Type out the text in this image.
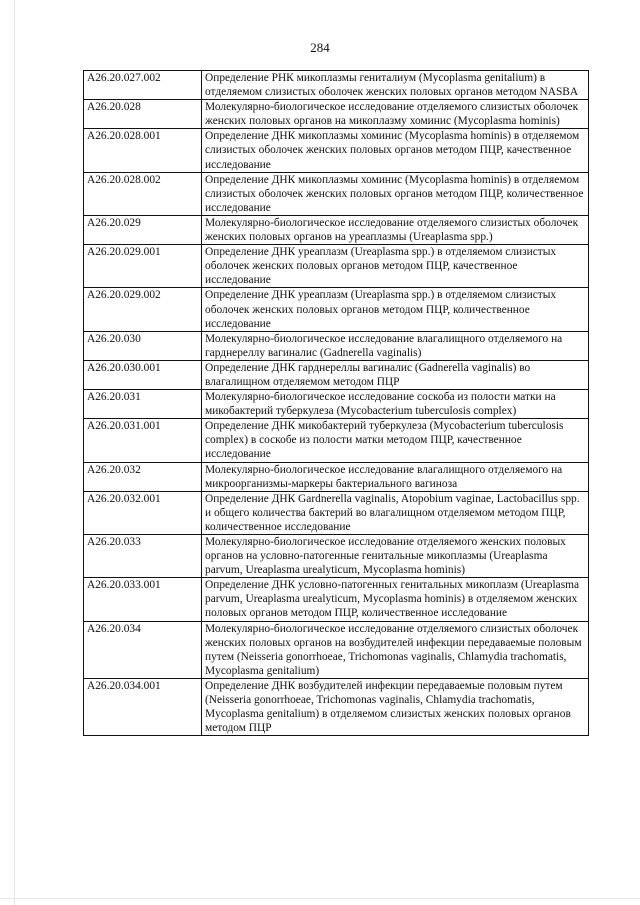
284
A26.20.027.002	Определение РНК микоплазмы гениталиум (Mycoplasma genitalium) в отделяемом слизистых оболочек женских половых органов методом NASBA
A26.20.028	Молекулярно-биологическое исследование отделяемого слизистых оболочек женских половых органов на микоплазму хоминис (Mycoplasma hominis)
A26.20.028.001	Определение ДНК микоплазмы хоминис (Mycoplasma hominis) в отделяемом слизистых оболочек женских половых органов методом ПЦР, качественное исследование
A26.20.028.002	Определение ДНК микоплазмы хоминис (Mycoplasma hominis) в отделяемом слизистых оболочек женских половых органов методом ПЦР, количественное исследование
A26.20.029	Молекулярно-биологическое исследование отделяемого слизистых оболочек женских половых органов на уреаплазмы (Ureaplasma spp.)
A26.20.029.001	Определение ДНК уреаплазм (Ureaplasma spp.) в отделяемом слизистых оболочек женских половых органов методом ПЦР, качественное исследование
A26.20.029.002	Определение ДНК уреаплазм (Ureaplasma spp.) в отделяемом слизистых оболочек женских половых органов методом ПЦР, количественное исследование
A26.20.030	Молекулярно-биологическое исследование влагалищного отделяемого на гарднереллу вагиналис (Gadnerella vaginalis)
A26.20.030.001	Определение ДНК гарднереллы вагиналис (Gadnerella vaginalis) во влагалищном отделяемом методом ПЦР
A26.20.031	Молекулярно-биологическое исследование соскоба из полости матки на микобактерий туберкулеза (Mycobacterium tuberculosis complex)
A26.20.031.001	Определение ДНК микобактерий туберкулеза (Mycobacterium tuberculosis complex) в соскобе из полости матки методом ПЦР, качественное исследование
A26.20.032	Молекулярно-биологическое исследование влагалищного отделяемого на микроорганизмы-маркеры бактериального вагиноза
A26.20.032.001	Определение ДНК Gardnerella vaginalis, Atopobium vaginae, Lactobacillus spp. и общего количества бактерий во влагалищном отделяемом методом ПЦР, количественное исследование
A26.20.033	Молекулярно-биологическое исследование отделяемого женских половых органов на условно-патогенные генитальные микоплазмы (Ureaplasma parvum, Ureaplasma urealyticum, Mycoplasma hominis)
A26.20.033.001	Определение ДНК условно-патогенных генитальных микоплазм (Ureaplasma parvum, Ureaplasma urealyticum, Mycoplasma hominis) в отделяемом женских половых органов методом ПЦР, количественное исследование
A26.20.034	Молекулярно-биологическое исследование отделяемого слизистых оболочек женских половых органов на возбудителей инфекции передаваемые половым путем (Neisseria gonorrhoeae, Trichomonas vaginalis, Chlamydia trachomatis, Mycoplasma genitalium)
A26.20.034.001	Определение ДНК возбудителей инфекции передаваемые половым путем (Neisseria gonorrhoeae, Trichomonas vaginalis, Chlamydia trachomatis, Mycoplasma genitalium) в отделяемом слизистых женских половых органов методом ПЦР
